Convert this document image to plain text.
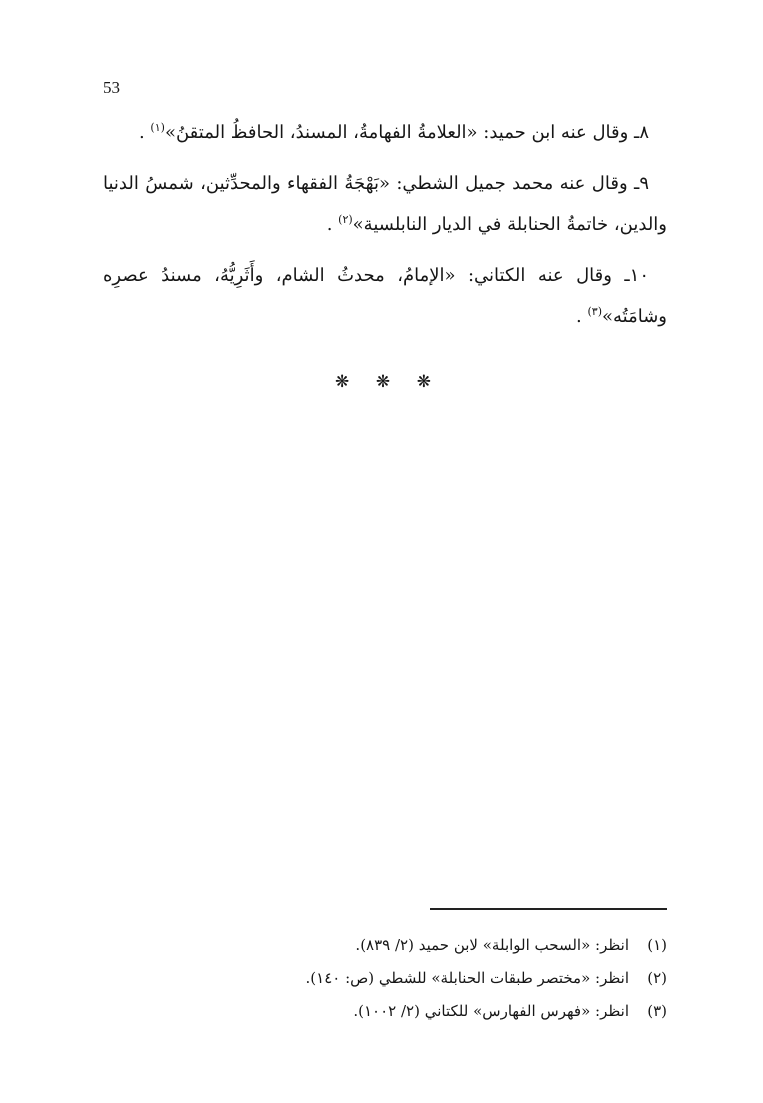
53

٨ـ وقال عنه ابن حميد: «العلامةُ الفهامةُ، المسندُ، الحافظُ المتقنُ»$^{(١)}$ .

٩ـ وقال عنه محمد جميل الشطي: «بَهْجَةُ الفقهاء والمحدِّثين، شمسُ الدنيا والدين، خاتمةُ الحنابلة في الديار النابلسية»$^{(٢)}$ .

١٠ـ وقال عنه الكتاني: «الإمامُ، محدثُ الشام، وأَثَرِيُّهُ، مسندُ عصرِه وشامَتُه»$^{(٣)}$ .

❋ ❋ ❋
(١)انظر: «السحب الوابلة» لابن حميد (٢/ ٨٣٩).
(٢)انظر: «مختصر طبقات الحنابلة» للشطي (ص: ١٤٠).
(٣)انظر: «فهرس الفهارس» للكتاني (٢/ ١٠٠٢).
